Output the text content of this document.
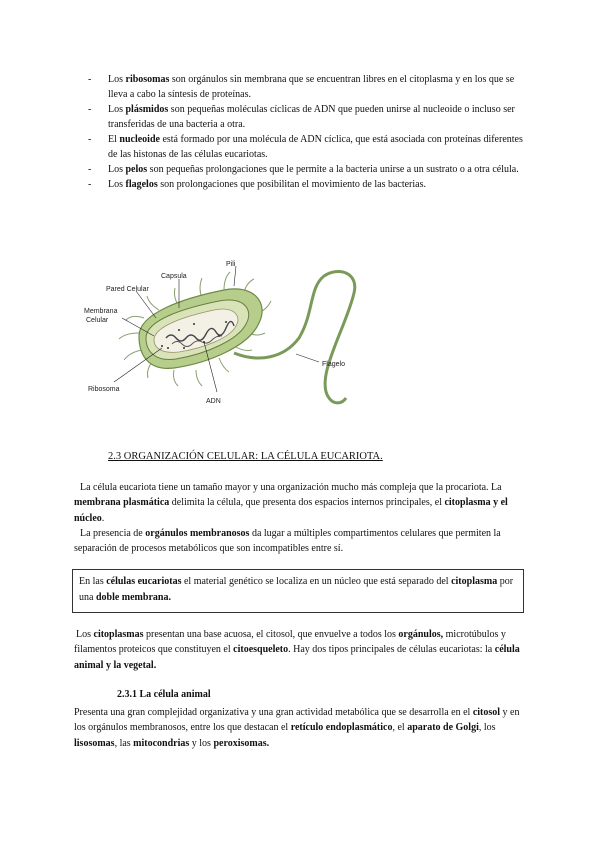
- Los ribosomas son orgánulos sin membrana que se encuentran libres en el citoplasma y en los que se lleva a cabo la síntesis de proteínas.
- Los plásmidos son pequeñas moléculas cíclicas de ADN que pueden unirse al nucleoide o incluso ser transferidas de una bacteria a otra.
- El nucleoide está formado por una molécula de ADN cíclica, que está asociada con proteínas diferentes de las histonas de las células eucariotas.
- Los pelos son pequeñas prolongaciones que le permite a la bacteria unirse a un sustrato o a otra célula.
- Los flagelos son prolongaciones que posibilitan el movimiento de las bacterias.
Pili
Capsula
Pared Celular
Membrana
Celular
Ribosoma
ADN
Flagelo
2.3 ORGANIZACIÓN CELULAR: LA CÉLULA EUCARIOTA.
La célula eucariota tiene un tamaño mayor y una organización mucho más compleja que la procariota. La membrana plasmática delimita la célula, que presenta dos espacios internos principales, el citoplasma y el núcleo.
La presencia de orgánulos membranosos da lugar a múltiples compartimentos celulares que permiten la separación de procesos metabólicos que son incompatibles entre sí.
En las células eucariotas el material genético se localiza en un núcleo que está separado del citoplasma por una doble membrana.
Los citoplasmas presentan una base acuosa, el citosol, que envuelve a todos los orgánulos, microtúbulos y filamentos proteicos que constituyen el citoesqueleto. Hay dos tipos principales de células eucariotas: la célula animal y la vegetal.
2.3.1 La célula animal
Presenta una gran complejidad organizativa y una gran actividad metabólica que se desarrolla en el citosol y en los orgánulos membranosos, entre los que destacan el retículo endoplasmático, el aparato de Golgi, los lisosomas, las mitocondrias y los peroxisomas.
